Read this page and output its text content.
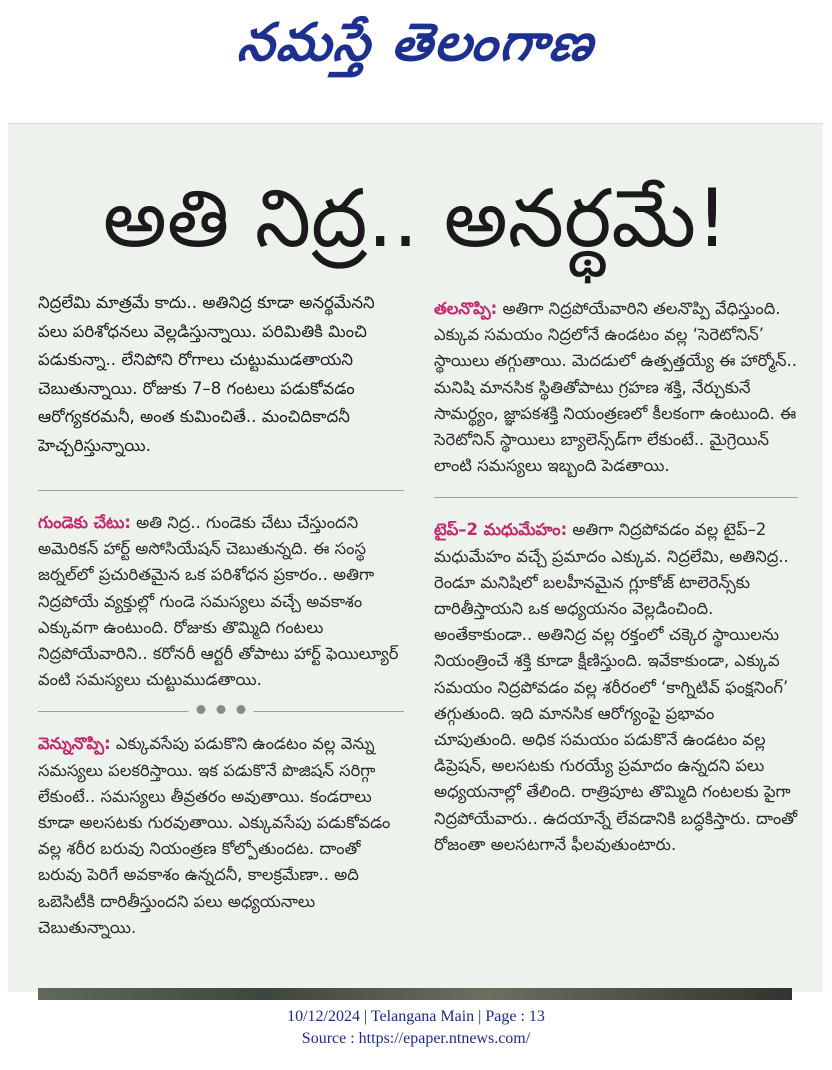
నమస్తే తెలంగాణ
అతి నిద్ర.. అనర్థమే!

నిద్రలేమి మాత్రమే కాదు.. అతినిద్ర కూడా అనర్థమేనని పలు పరిశోధనలు వెల్లడిస్తున్నాయి. పరిమితికి మించి పడుకున్నా.. లేనిపోని రోగాలు చుట్టుముడతాయని చెబుతున్నాయి. రోజుకు 7–8 గంటలు పడుకోవడం ఆరోగ్యకరమనీ, అంత కుమించితే.. మంచిదికాదనీ హెచ్చరిస్తున్నాయి.

గుండెకు చేటు: అతి నిద్ర.. గుండెకు చేటు చేస్తుందని అమెరికన్ హార్ట్ అసోసియేషన్ చెబుతున్నది. ఈ సంస్థ జర్నల్‌లో ప్రచురితమైన ఒక పరిశోధన ప్రకారం.. అతిగా నిద్రపోయే వ్యక్తుల్లో గుండె సమస్యలు వచ్చే అవకాశం ఎక్కువగా ఉంటుంది. రోజుకు తొమ్మిది గంటలు నిద్రపోయేవారిని.. కరోనరీ ఆర్టరీ తోపాటు హార్ట్ ఫెయిల్యూర్ వంటి సమస్యలు చుట్టుముడతాయి.

వెన్నునొప్పి: ఎక్కువసేపు పడుకొని ఉండటం వల్ల వెన్ను సమస్యలు పలకరిస్తాయి. ఇక పడుకొనే పొజిషన్ సరిగ్గా లేకుంటే.. సమస్యలు తీవ్రతరం అవుతాయి. కండరాలు కూడా అలసటకు గురవుతాయి. ఎక్కువసేపు పడుకోవడం వల్ల శరీర బరువు నియంత్రణ కోల్పోతుందట. దాంతో బరువు పెరిగే అవకాశం ఉన్నదనీ, కాలక్రమేణా.. అది ఒబెసిటీకి దారితీస్తుందని పలు అధ్యయనాలు చెబుతున్నాయి.

తలనొప్పి: అతిగా నిద్రపోయేవారిని తలనొప్పి వేధిస్తుంది. ఎక్కువ సమయం నిద్రలోనే ఉండటం వల్ల ‘సెరెటోనిన్’ స్థాయిలు తగ్గుతాయి. మెదడులో ఉత్పత్తయ్యే ఈ హార్మోన్.. మనిషి మానసిక స్థితితోపాటు గ్రహణ శక్తి, నేర్చుకునే సామర్థ్యం, జ్ఞాపకశక్తి నియంత్రణలో కీలకంగా ఉంటుంది. ఈ సెరెటోనిన్ స్థాయిలు బ్యాలెన్స్‌డ్‌గా లేకుంటే.. మైగ్రెయిన్ లాంటి సమస్యలు ఇబ్బంది పెడతాయి.

టైప్–2 మధుమేహం: అతిగా నిద్రపోవడం వల్ల టైప్–2 మధుమేహం వచ్చే ప్రమాదం ఎక్కువ. నిద్రలేమి, అతినిద్ర.. రెండూ మనిషిలో బలహీనమైన గ్లూకోజ్ టాలెరెన్స్‌కు దారితీస్తాయని ఒక అధ్యయనం వెల్లడించింది. అంతేకాకుండా.. అతినిద్ర వల్ల రక్తంలో చక్కెర స్థాయిలను నియంత్రించే శక్తి కూడా క్షీణిస్తుంది. ఇవేకాకుండా, ఎక్కువ సమయం నిద్రపోవడం వల్ల శరీరంలో ‘కాగ్నిటివ్ ఫంక్షనింగ్’ తగ్గుతుంది. ఇది మానసిక ఆరోగ్యంపై ప్రభావం చూపుతుంది. అధిక సమయం పడుకొనే ఉండటం వల్ల డిప్రెషన్, అలసటకు గురయ్యే ప్రమాదం ఉన్నదని పలు అధ్యయనాల్లో తేలింది. రాత్రిపూట తొమ్మిది గంటలకు పైగా నిద్రపోయేవారు.. ఉదయాన్నే లేవడానికి బద్ధకిస్తారు. దాంతో రోజంతా అలసటగానే ఫీలవుతుంటారు.

10/12/2024 | Telangana Main | Page : 13
Source : https://epaper.ntnews.com/
